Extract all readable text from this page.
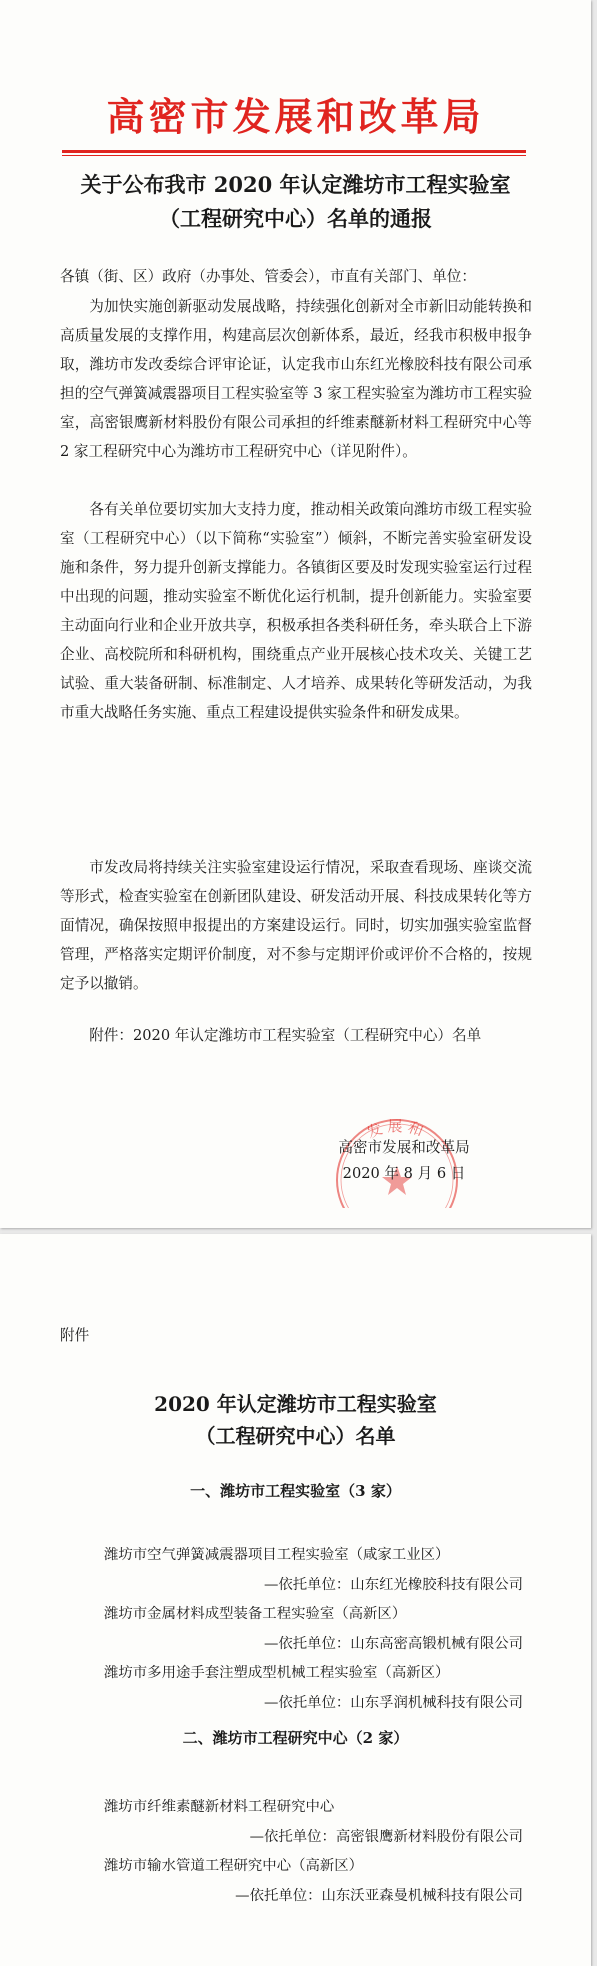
高密市发展和改革局
关于公布我市 2020 年认定潍坊市工程实验室
（工程研究中心）名单的通报
各镇（街、区）政府（办事处、管委会），市直有关部门、单位：

为加快实施创新驱动发展战略，持续强化创新对全市新旧动能转换和高质量发展的支撑作用，构建高层次创新体系，最近，经我市积极申报争取，潍坊市发改委综合评审论证，认定我市山东红光橡胶科技有限公司承担的空气弹簧减震器项目工程实验室等 3 家工程实验室为潍坊市工程实验室，高密银鹰新材料股份有限公司承担的纤维素醚新材料工程研究中心等 2 家工程研究中心为潍坊市工程研究中心（详见附件）。

各有关单位要切实加大支持力度，推动相关政策向潍坊市级工程实验室（工程研究中心）（以下简称“实验室”）倾斜，不断完善实验室研发设施和条件，努力提升创新支撑能力。各镇街区要及时发现实验室运行过程中出现的问题，推动实验室不断优化运行机制，提升创新能力。实验室要主动面向行业和企业开放共享，积极承担各类科研任务，牵头联合上下游企业、高校院所和科研机构，围绕重点产业开展核心技术攻关、关键工艺试验、重大装备研制、标准制定、人才培养、成果转化等研发活动，为我市重大战略任务实施、重点工程建设提供实验条件和研发成果。

市发改局将持续关注实验室建设运行情况，采取查看现场、座谈交流等形式，检查实验室在创新团队建设、研发活动开展、科技成果转化等方面情况，确保按照申报提出的方案建设运行。同时，切实加强实验室监督管理，严格落实定期评价制度，对不参与定期评价或评价不合格的，按规定予以撤销。

附件：2020 年认定潍坊市工程实验室（工程研究中心）名单
发展和
高密市发展和改革局
2020 年 8 月 6 日
附件
2020 年认定潍坊市工程实验室
（工程研究中心）名单
一、潍坊市工程实验室（3 家）
潍坊市空气弹簧减震器项目工程实验室（咸家工业区）
—依托单位：山东红光橡胶科技有限公司
潍坊市金属材料成型装备工程实验室（高新区）
—依托单位：山东高密高锻机械有限公司
潍坊市多用途手套注塑成型机械工程实验室（高新区）
—依托单位：山东孚润机械科技有限公司
二、潍坊市工程研究中心（2 家）
潍坊市纤维素醚新材料工程研究中心
—依托单位：高密银鹰新材料股份有限公司
潍坊市输水管道工程研究中心（高新区）
—依托单位：山东沃亚森曼机械科技有限公司
